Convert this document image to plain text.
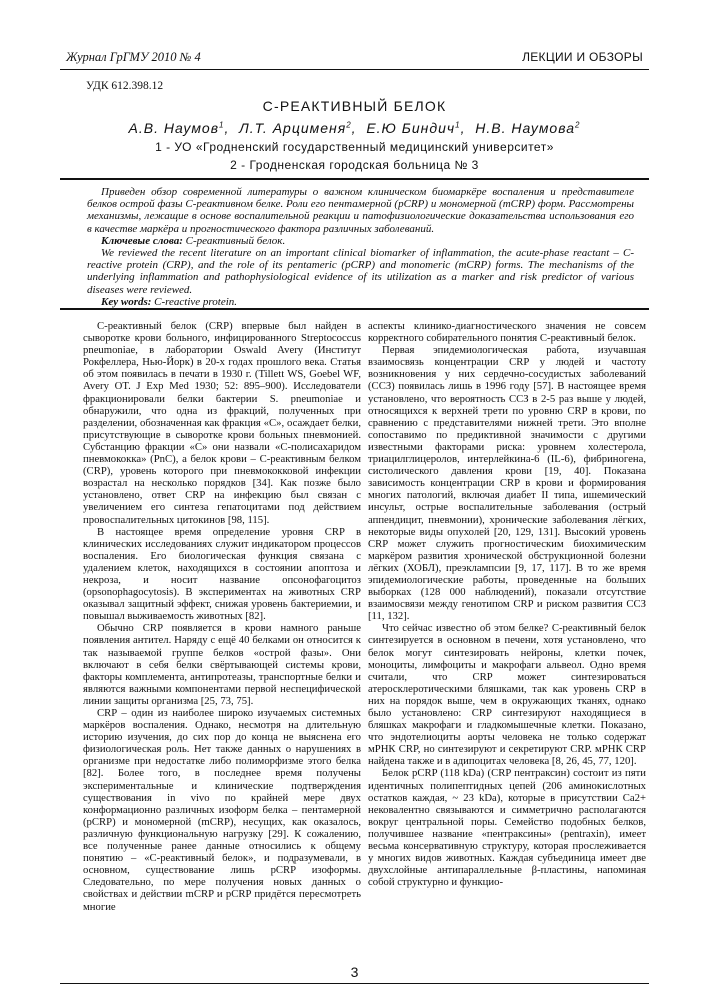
Журнал ГрГМУ 2010 № 4	ЛЕКЦИИ И ОБЗОРЫ
УДК 612.398.12
С-РЕАКТИВНЫЙ БЕЛОК
А.В. Наумов$^1$,  Л.Т. Арцименя$^2$,  Е.Ю Биндич$^1$,  Н.В. Наумова$^2$
1 - УО «Гродненский государственный медицинский университет»
2 - Гродненская городская больница № 3

Приведен обзор современной литературы о важном клиническом биомаркёре воспаления и представителе белков острой фазы С-реактивном белке. Роли его пентамерной (pCRP) и мономерной (mCRP) форм. Рассмотрены механизмы, лежащие в основе воспалительной реакции и патофизиологические доказательства использования его в качестве маркёра и прогностического фактора различных заболеваний.

Ключевые слова: С-реактивный белок.

We reviewed the recent literature on an important clinical biomarker of inflammation, the acute-phase reactant – C-reactive protein (CRP), and the role of its pentameric (pCRP) and monomeric (mCRP) forms. The mechanisms of the underlying inflammation and pathophysiological evidence of its utilization as a marker and risk predictor of various diseases were reviewed.

Key words: C-reactive protein.

С-реактивный белок (CRP) впервые был найден в сыворотке крови больного, инфицированного Streptococcus pneumoniae, в лаборатории Oswald Avery (Институт Рокфеллера, Нью-Йорк) в 20-х годах прошлого века. Статья об этом появилась в печати в 1930 г. (Tillett WS, Goebel WF, Avery OT. J Exp Med 1930; 52: 895–900). Исследователи фракционировали белки бактерии S. pneumoniae и обнаружили, что одна из фракций, полученных при разделении, обозначенная как фракция «С», осаждает белки, присутствующие в сыворотке крови больных пневмонией. Субстанцию фракции «С» они назвали «С-полисахаридом пневмококка» (PnC), а белок крови – С-реактивным белком (CRP), уровень которого при пневмококковой инфекции возрастал на несколько порядков [34]. Как позже было установлено, ответ CRP на инфекцию был связан с увеличением его синтеза гепатоцитами под действием провоспалительных цитокинов [98, 115].

В настоящее время определение уровня CRP в клинических исследованиях служит индикатором процессов воспаления. Его биологическая функция связана с удалением клеток, находящихся в состоянии апоптоза и некроза, и носит название опсонофагоцитоз (opsonophagocytosis). В экспериментах на животных CRP оказывал защитный эффект, снижая уровень бактериемии, и повышал выживаемость животных [82].

Обычно CRP появляется в крови намного раньше появления антител. Наряду с ещё 40 белками он относится к так называемой группе белков «острой фазы». Они включают в себя белки свёртывающей системы крови, факторы комплемента, антипротеазы, транспортные белки и являются важными компонентами первой неспецифической линии защиты организма [25, 73, 75].

CRP – один из наиболее широко изучаемых системных маркёров воспаления. Однако, несмотря на длительную историю изучения, до сих пор до конца не выяснена его физиологическая роль. Нет также данных о нарушениях в организме при недостатке либо полиморфизме этого белка [82]. Более того, в последнее время получены экспериментальные и клинические подтверждения существования in vivo по крайней мере двух конформационно различных изоформ белка – пентамерной (pCRP) и мономерной (mCRP), несущих, как оказалось, различную функциональную нагрузку [29]. К сожалению, все полученные ранее данные относились к общему понятию – «С-реактивный белок», и подразумевали, в основном, существование лишь pCRP изоформы. Следовательно, по мере получения новых данных о свойствах и действии mCRP и pCRP придётся пересмотреть многие

аспекты клинико-диагностического значения не совсем корректного собирательного понятия С-реактивный белок.

Первая эпидемиологическая работа, изучавшая взаимосвязь концентрации CRP у людей и частоту возникновения у них сердечно-сосудистых заболеваний (ССЗ) появилась лишь в 1996 году [57]. В настоящее время установлено, что вероятность ССЗ в 2-5 раз выше у людей, относящихся к верхней трети по уровню CRP в крови, по сравнению с представителями нижней трети. Это вполне сопоставимо по предиктивной значимости с другими известными факторами риска: уровнем холестерола, триацилглицеролов, интерлейкина-6 (IL-6), фибриногена, систолического давления крови [19, 40]. Показана зависимость концентрации CRP в крови и формирования многих патологий, включая диабет II типа, ишемический инсульт, острые воспалительные заболевания (острый аппендицит, пневмонии), хронические заболевания лёгких, некоторые виды опухолей [20, 129, 131]. Высокий уровень CRP может служить прогностическим биохимическим маркёром развития хронической обструкционной болезни лёгких (ХОБЛ), преэклампсии [9, 17, 117]. В то же время эпидемиологические работы, проведенные на больших выборках (128 000 наблюдений), показали отсутствие взаимосвязи между генотипом CRP и риском развития ССЗ [11, 132].

Что сейчас известно об этом белке? С-реактивный белок синтезируется в основном в печени, хотя установлено, что белок могут синтезировать нейроны, клетки почек, моноциты, лимфоциты и макрофаги альвеол. Одно время считали, что CRP может синтезироваться атеросклеротическими бляшками, так как уровень CRP в них на порядок выше, чем в окружающих тканях, однако было установлено: CRP синтезируют находящиеся в бляшках макрофаги и гладкомышечные клетки. Показано, что эндотелиоциты аорты человека не только содержат мРНК CRP, но синтезируют и секретируют CRP. мРНК CRP найдена также и в адипоцитах человека [8, 26, 45, 77, 120].

Белок pCRP (118 kDa) (CRP пентраксин) состоит из пяти идентичных полипептидных цепей (206 аминокислотных остатков каждая, ~ 23 kDa), которые в присутствии Ca2+ нековалентно связываются и симметрично располагаются вокруг центральной поры. Семейство подобных белков, получившее название «пентраксины» (pentraxin), имеет весьма консервативную структуру, которая прослеживается у многих видов животных. Каждая субъединица имеет две двухслойные антипараллельные β-пластины, напоминая собой структурно и функцио-

3
